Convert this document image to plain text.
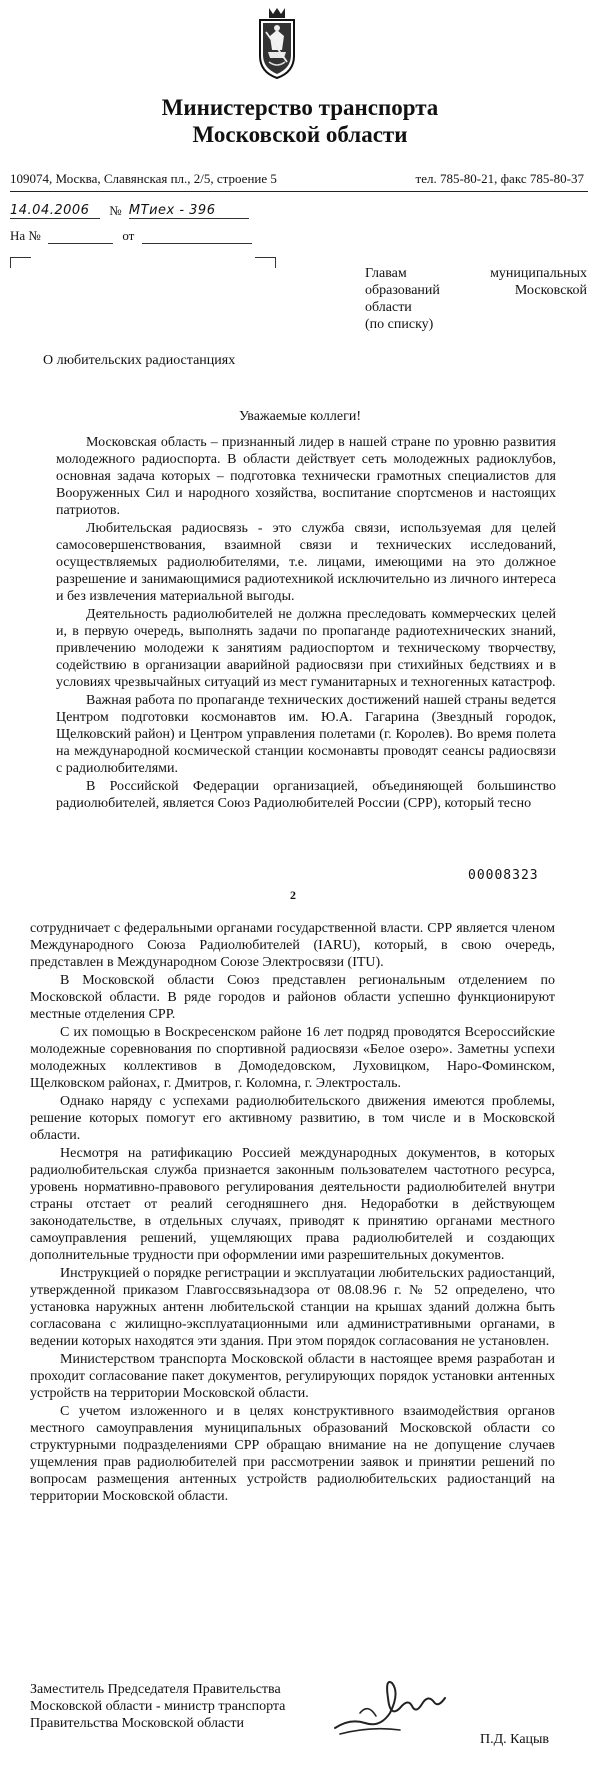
Министерство транспорта
Московской области
109074, Москва, Славянская пл., 2/5, строение 5	тел. 785-80-21, факс 785-80-37
14.04.2006 № МТиех - 396
На №	от
Главам муниципальных
образований Московской
области
(по списку)
О любительских радиостанциях
Уважаемые коллеги!

Московская область – признанный лидер в нашей стране по уровню развития молодежного радиоспорта. В области действует сеть молодежных радиоклубов, основная задача которых – подготовка технически грамотных специалистов для Вооруженных Сил и народного хозяйства, воспитание спортсменов и настоящих патриотов.

Любительская радиосвязь - это служба связи, используемая для целей самосовершенствования, взаимной связи и технических исследований, осуществляемых радиолюбителями, т.е. лицами, имеющими на это должное разрешение и занимающимися радиотехникой исключительно из личного интереса и без извлечения материальной выгоды.

Деятельность радиолюбителей не должна преследовать коммерческих целей и, в первую очередь, выполнять задачи по пропаганде радиотехнических знаний, привлечению молодежи к занятиям радиоспортом и техническому творчеству, содействию в организации аварийной радиосвязи при стихийных бедствиях и в условиях чрезвычайных ситуаций из мест гуманитарных и техногенных катастроф.

Важная работа по пропаганде технических достижений нашей страны ведется Центром подготовки космонавтов им. Ю.А. Гагарина (Звездный городок, Щелковский район) и Центром управления полетами (г. Королев). Во время полета на международной космической станции космонавты проводят сеансы радиосвязи с радиолюбителями.

В Российской Федерации организацией, объединяющей большинство радиолюбителей, является Союз Радиолюбителей России (СРР), который тесно

00008323
2

сотрудничает с федеральными органами государственной власти. СРР является членом Международного Союза Радиолюбителей (IARU), который, в свою очередь, представлен в Международном Союзе Электросвязи (ITU).

В Московской области Союз представлен региональным отделением по Московской области. В ряде городов и районов области успешно функционируют местные отделения СРР.

С их помощью в Воскресенском районе 16 лет подряд проводятся Всероссийские молодежные соревнования по спортивной радиосвязи «Белое озеро». Заметны успехи молодежных коллективов в Домодедовском, Луховицком, Наро-Фоминском, Щелковском районах, г. Дмитров, г. Коломна, г. Электросталь.

Однако наряду с успехами радиолюбительского движения имеются проблемы, решение которых помогут его активному развитию, в том числе и в Московской области.

Несмотря на ратификацию Россией международных документов, в которых радиолюбительская служба признается законным пользователем частотного ресурса, уровень нормативно-правового регулирования деятельности радиолюбителей внутри страны отстает от реалий сегодняшнего дня. Недоработки в действующем законодательстве, в отдельных случаях, приводят к принятию органами местного самоуправления решений, ущемляющих права радиолюбителей и создающих дополнительные трудности при оформлении ими разрешительных документов.

Инструкцией о порядке регистрации и эксплуатации любительских радиостанций, утвержденной приказом Главгоссвязьнадзора от 08.08.96 г. № 52 определено, что установка наружных антенн любительской станции на крышах зданий должна быть согласована с жилищно-эксплуатационными или административными органами, в ведении которых находятся эти здания. При этом порядок согласования не установлен.

Министерством транспорта Московской области в настоящее время разработан и проходит согласование пакет документов, регулирующих порядок установки антенных устройств на территории Московской области.

С учетом изложенного и в целях конструктивного взаимодействия органов местного самоуправления муниципальных образований Московской области со структурными подразделениями СРР обращаю внимание на не допущение случаев ущемления прав радиолюбителей при рассмотрении заявок и принятии решений по вопросам размещения антенных устройств радиолюбительских радиостанций на территории Московской области.

Заместитель Председателя Правительства
Московской области - министр транспорта
Правительства Московской области
П.Д. Кацыв
